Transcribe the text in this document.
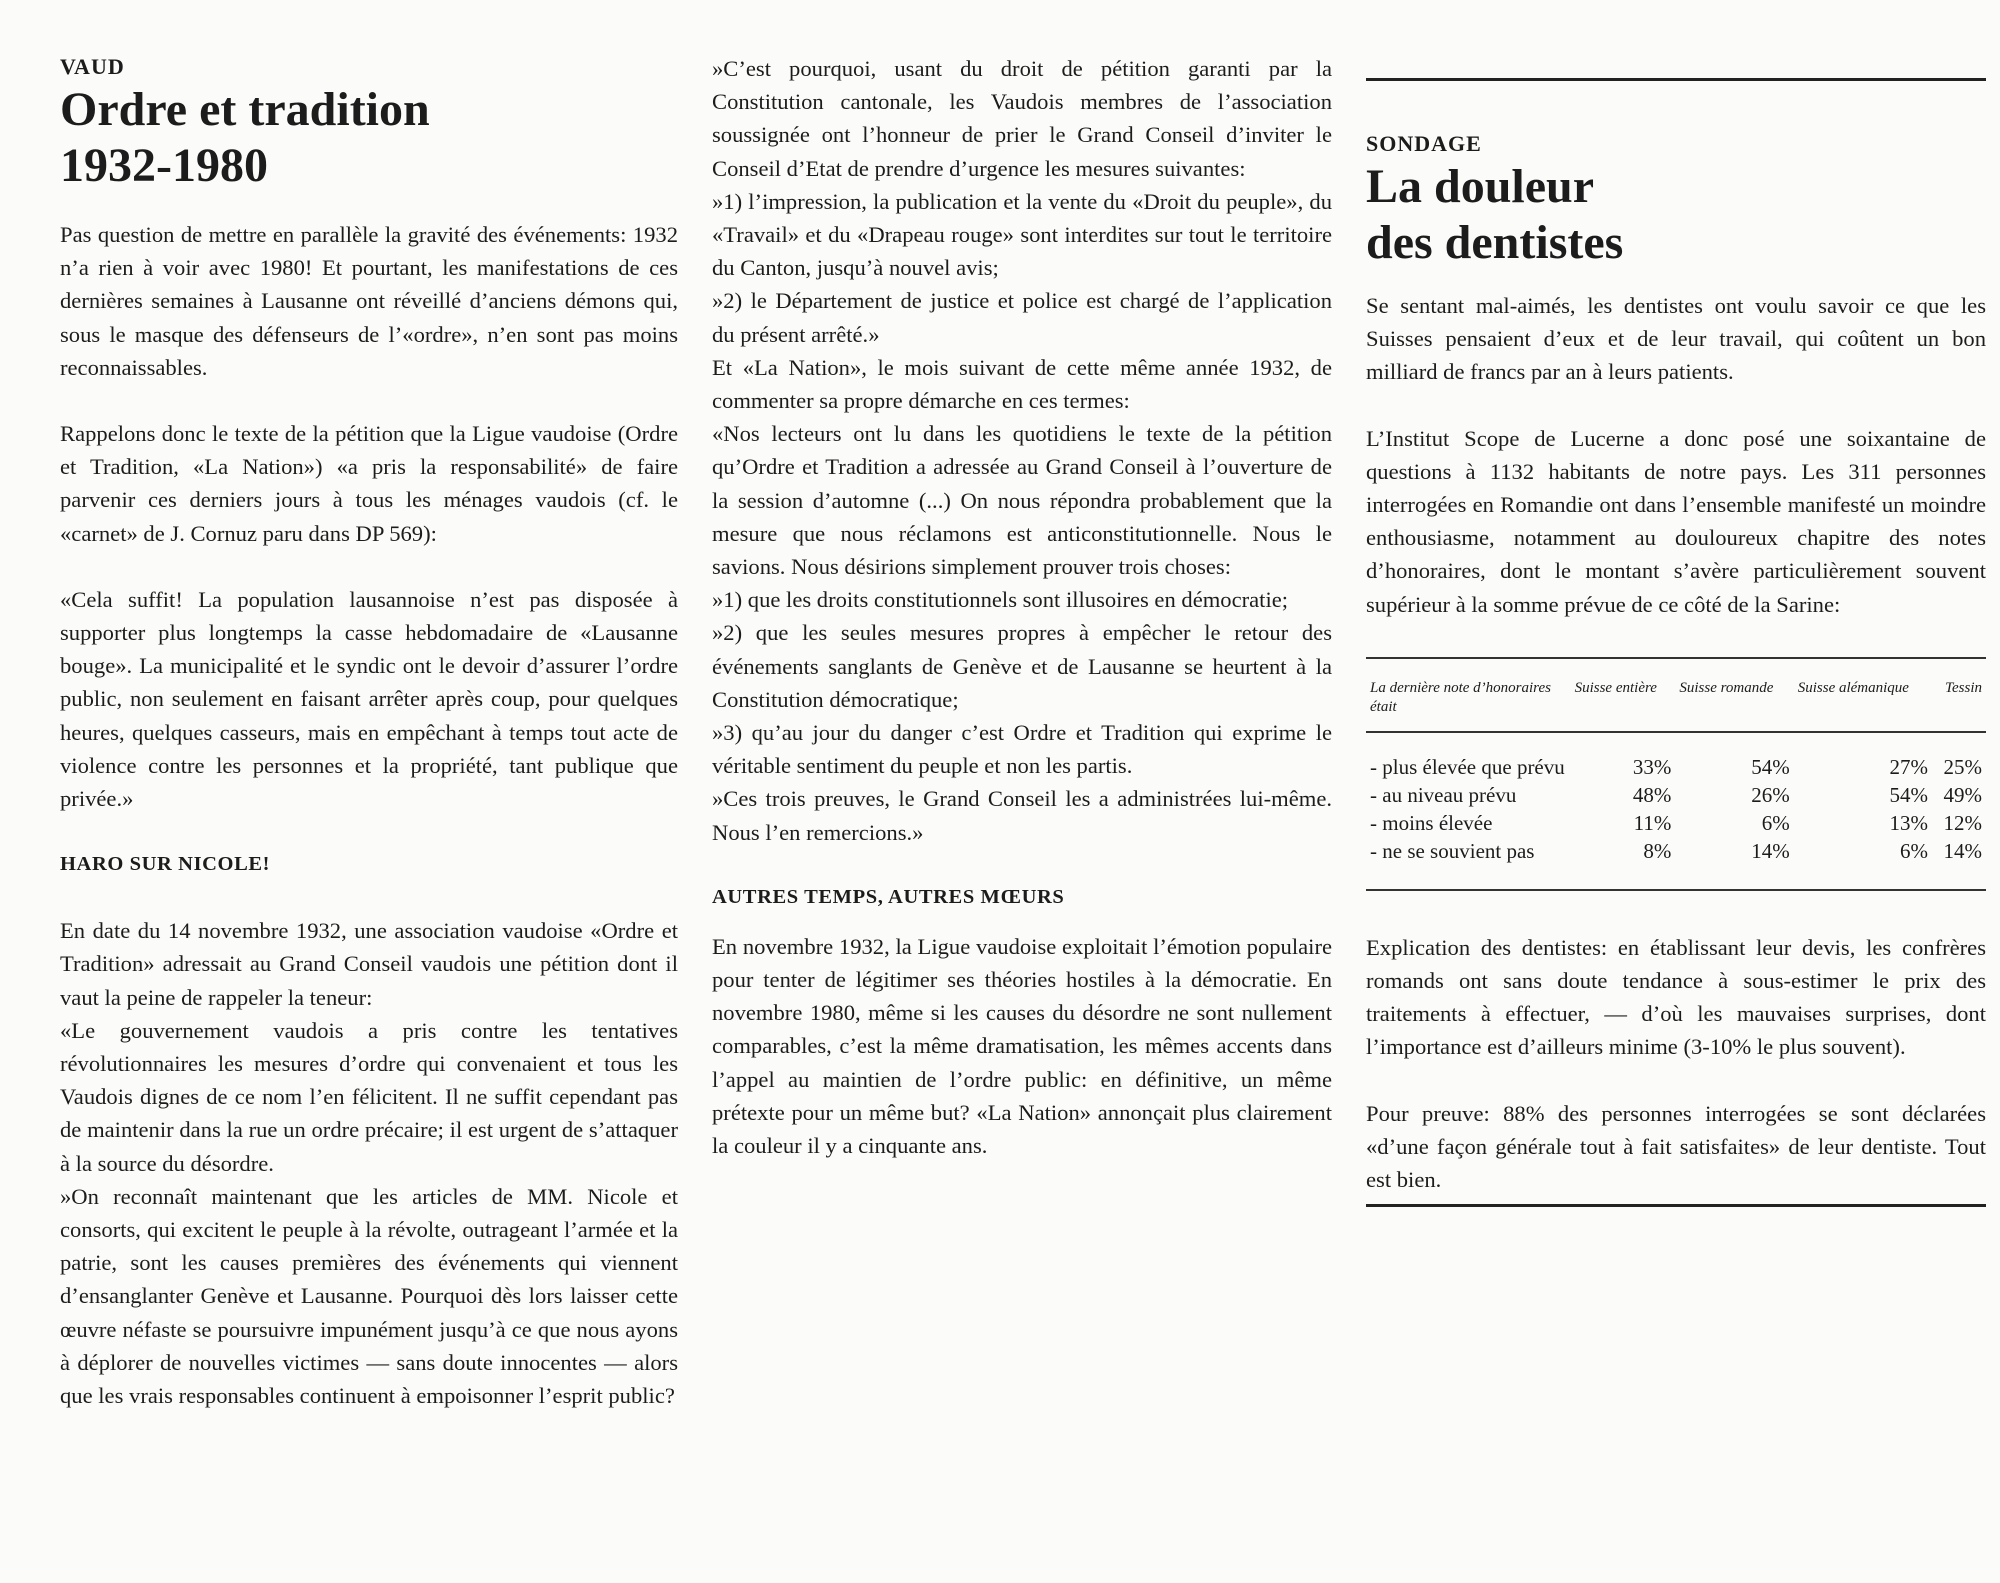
VAUD
Ordre et tradition
1932-1980

Pas question de mettre en parallèle la gravité des événements: 1932 n’a rien à voir avec 1980! Et pourtant, les manifestations de ces dernières semaines à Lausanne ont réveillé d’anciens démons qui, sous le masque des défenseurs de l’«ordre», n’en sont pas moins reconnaissables.

Rappelons donc le texte de la pétition que la Ligue vaudoise (Ordre et Tradition, «La Nation») «a pris la responsabilité» de faire parvenir ces derniers jours à tous les ménages vaudois (cf. le «carnet» de J. Cornuz paru dans DP 569):

«Cela suffit! La population lausannoise n’est pas disposée à supporter plus longtemps la casse hebdomadaire de «Lausanne bouge». La municipalité et le syndic ont le devoir d’assurer l’ordre public, non seulement en faisant arrêter après coup, pour quelques heures, quelques casseurs, mais en empêchant à temps tout acte de violence contre les personnes et la propriété, tant publique que privée.»

HARO SUR NICOLE!

En date du 14 novembre 1932, une association vaudoise «Ordre et Tradition» adressait au Grand Conseil vaudois une pétition dont il vaut la peine de rappeler la teneur:

«Le gouvernement vaudois a pris contre les tentatives révolutionnaires les mesures d’ordre qui convenaient et tous les Vaudois dignes de ce nom l’en félicitent. Il ne suffit cependant pas de maintenir dans la rue un ordre précaire; il est urgent de s’attaquer à la source du désordre.

»On reconnaît maintenant que les articles de MM. Nicole et consorts, qui excitent le peuple à la révolte, outrageant l’armée et la patrie, sont les causes premières des événements qui viennent d’ensanglanter Genève et Lausanne. Pourquoi dès lors laisser cette œuvre néfaste se poursuivre impunément jusqu’à ce que nous ayons à déplorer de nouvelles victimes — sans doute innocentes — alors que les vrais responsables continuent à empoisonner l’esprit public?

»C’est pourquoi, usant du droit de pétition garanti par la Constitution cantonale, les Vaudois membres de l’association soussignée ont l’honneur de prier le Grand Conseil d’inviter le Conseil d’Etat de prendre d’urgence les mesures suivantes:

»1) l’impression, la publication et la vente du «Droit du peuple», du «Travail» et du «Drapeau rouge» sont interdites sur tout le territoire du Canton, jusqu’à nouvel avis;

»2) le Département de justice et police est chargé de l’application du présent arrêté.»

Et «La Nation», le mois suivant de cette même année 1932, de commenter sa propre démarche en ces termes:

«Nos lecteurs ont lu dans les quotidiens le texte de la pétition qu’Ordre et Tradition a adressée au Grand Conseil à l’ouverture de la session d’automne (...) On nous répondra probablement que la mesure que nous réclamons est anticonstitutionnelle. Nous le savions. Nous désirions simplement prouver trois choses:

»1) que les droits constitutionnels sont illusoires en démocratie;

»2) que les seules mesures propres à empêcher le retour des événements sanglants de Genève et de Lausanne se heurtent à la Constitution démocratique;

»3) qu’au jour du danger c’est Ordre et Tradition qui exprime le véritable sentiment du peuple et non les partis.

»Ces trois preuves, le Grand Conseil les a administrées lui-même. Nous l’en remercions.»

AUTRES TEMPS, AUTRES MŒURS

En novembre 1932, la Ligue vaudoise exploitait l’émotion populaire pour tenter de légitimer ses théories hostiles à la démocratie. En novembre 1980, même si les causes du désordre ne sont nullement comparables, c’est la même dramatisation, les mêmes accents dans l’appel au maintien de l’ordre public: en définitive, un même prétexte pour un même but? «La Nation» annonçait plus clairement la couleur il y a cinquante ans.

SONDAGE
La douleur
des dentistes

Se sentant mal-aimés, les dentistes ont voulu savoir ce que les Suisses pensaient d’eux et de leur travail, qui coûtent un bon milliard de francs par an à leurs patients.

L’Institut Scope de Lucerne a donc posé une soixantaine de questions à 1132 habitants de notre pays. Les 311 personnes interrogées en Romandie ont dans l’ensemble manifesté un moindre enthousiasme, notamment au douloureux chapitre des notes d’honoraires, dont le montant s’avère particulièrement souvent supérieur à la somme prévue de ce côté de la Sarine:

La dernière note d’honoraires était	Suisse entière	Suisse romande	Suisse alémanique	Tessin
- plus élevée que prévu	33%	54%	27%	25%
- au niveau prévu	48%	26%	54%	49%
- moins élevée	11%	6%	13%	12%
- ne se souvient pas	8%	14%	6%	14%

Explication des dentistes: en établissant leur devis, les confrères romands ont sans doute tendance à sous-estimer le prix des traitements à effectuer, — d’où les mauvaises surprises, dont l’importance est d’ailleurs minime (3-10% le plus souvent).

Pour preuve: 88% des personnes interrogées se sont déclarées «d’une façon générale tout à fait satisfaites» de leur dentiste. Tout est bien.
